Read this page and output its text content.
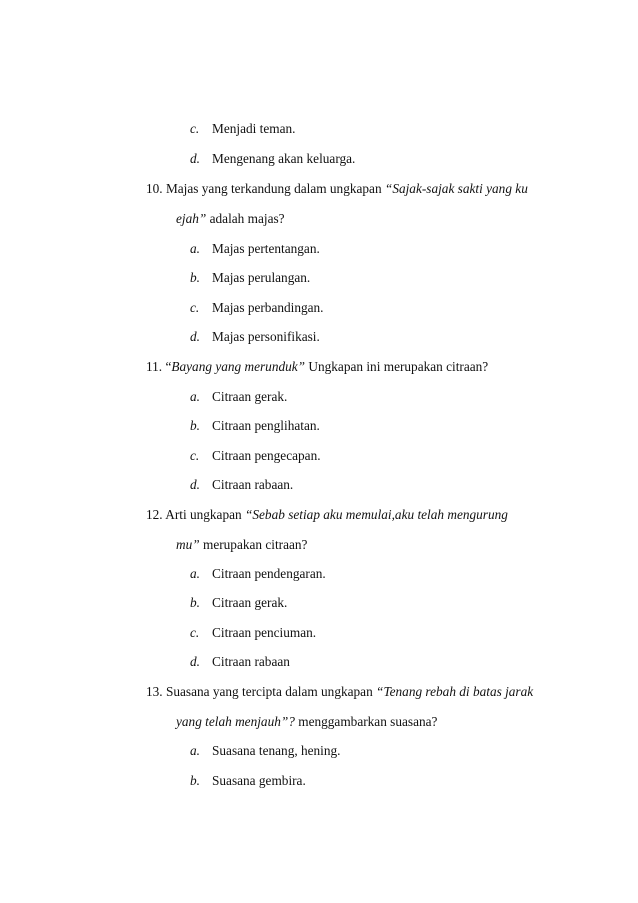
c. Menjadi teman.
d. Mengenang akan keluarga.
10. Majas yang terkandung dalam ungkapan “Sajak-sajak sakti yang ku
ejah” adalah majas?
a. Majas pertentangan.
b. Majas perulangan.
c. Majas perbandingan.
d. Majas personifikasi.
11. “Bayang yang merunduk” Ungkapan ini merupakan citraan?
a. Citraan gerak.
b. Citraan penglihatan.
c. Citraan pengecapan.
d. Citraan rabaan.
12. Arti ungkapan “Sebab setiap aku memulai,aku telah mengurung
mu” merupakan citraan?
a. Citraan pendengaran.
b. Citraan gerak.
c. Citraan penciuman.
d. Citraan rabaan
13. Suasana yang tercipta dalam ungkapan “Tenang rebah di batas jarak
yang telah menjauh”? menggambarkan suasana?
a. Suasana tenang, hening.
b. Suasana gembira.
